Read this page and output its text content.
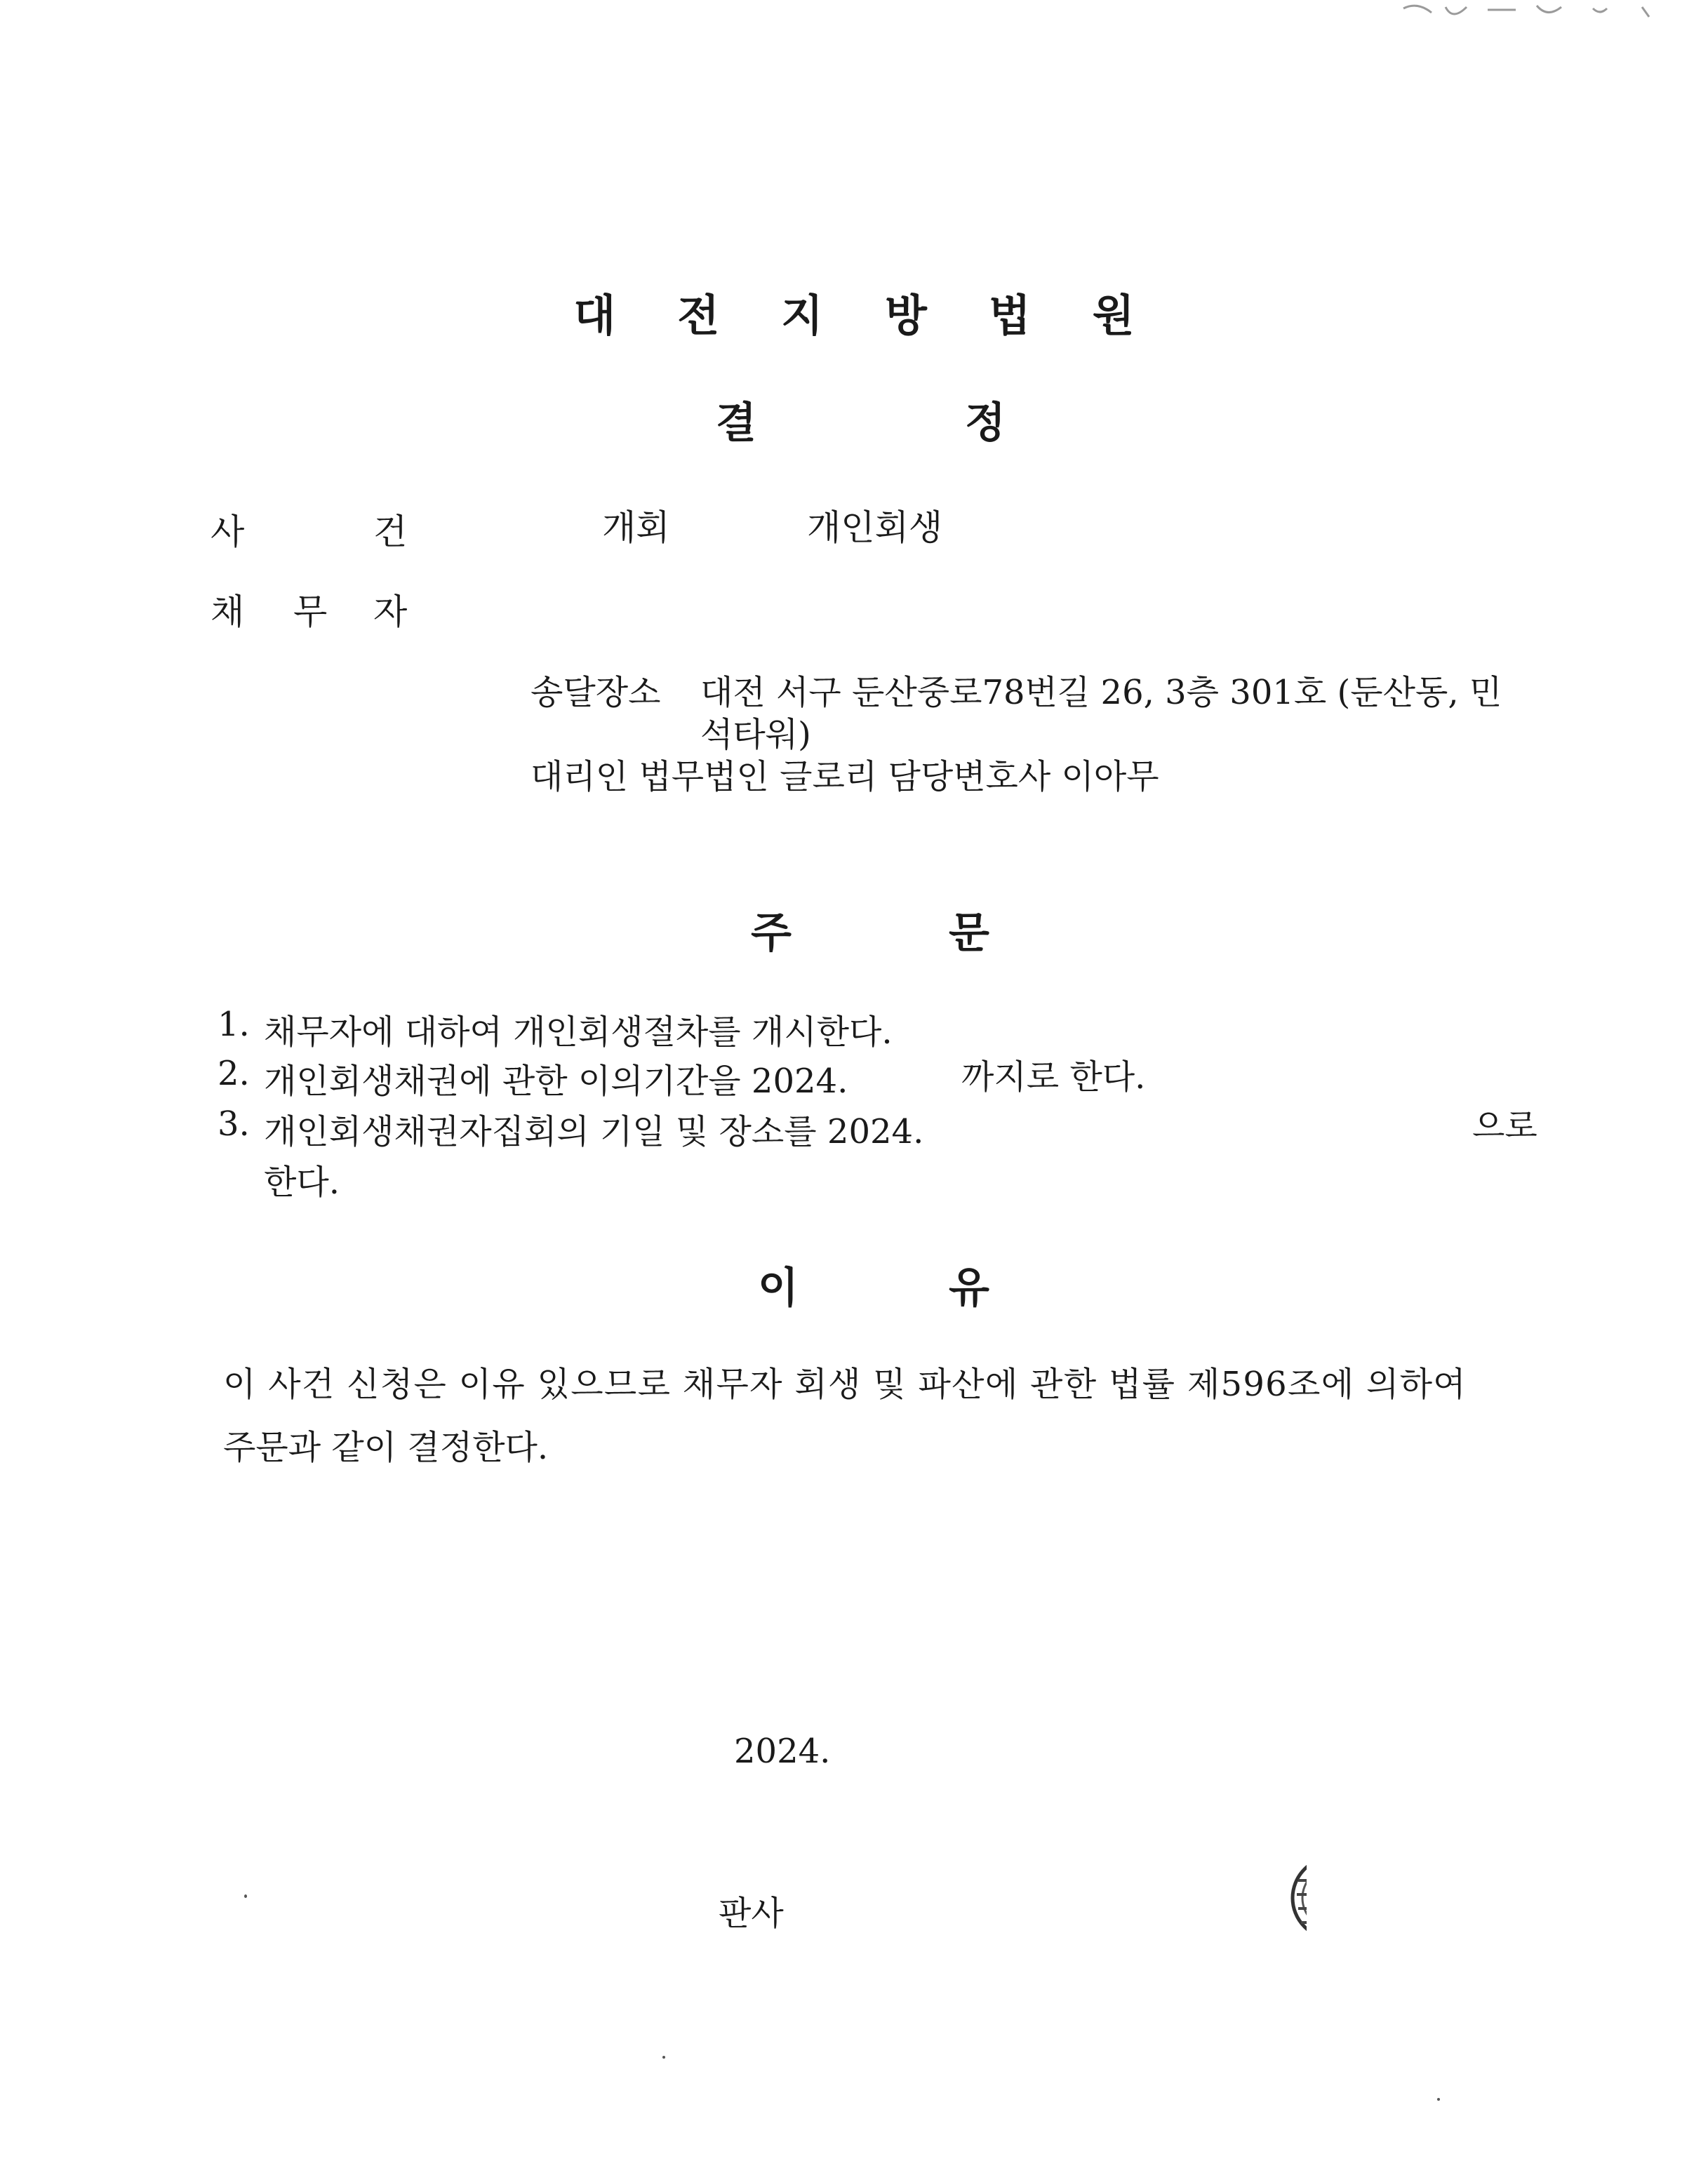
대전지방법원
결	정
사	건	개회	개인회생
채 무 자
송달장소 대전 서구 둔산중로78번길 26, 3층 301호 (둔산동, 민
석타워)
대리인 법무법인 글로리 담당변호사 이아무
주	문
1. 채무자에 대하여 개인회생절차를 개시한다.
2. 개인회생채권에 관한 이의기간을 2024.	까지로 한다.
3. 개인회생채권자집회의 기일 및 장소를 2024.	으로
한다.
이	유
이 사건 신청은 이유 있으므로 채무자 회생 및 파산에 관한 법률 제596조에 의하여
주문과 같이 결정한다.
2024.
판사
